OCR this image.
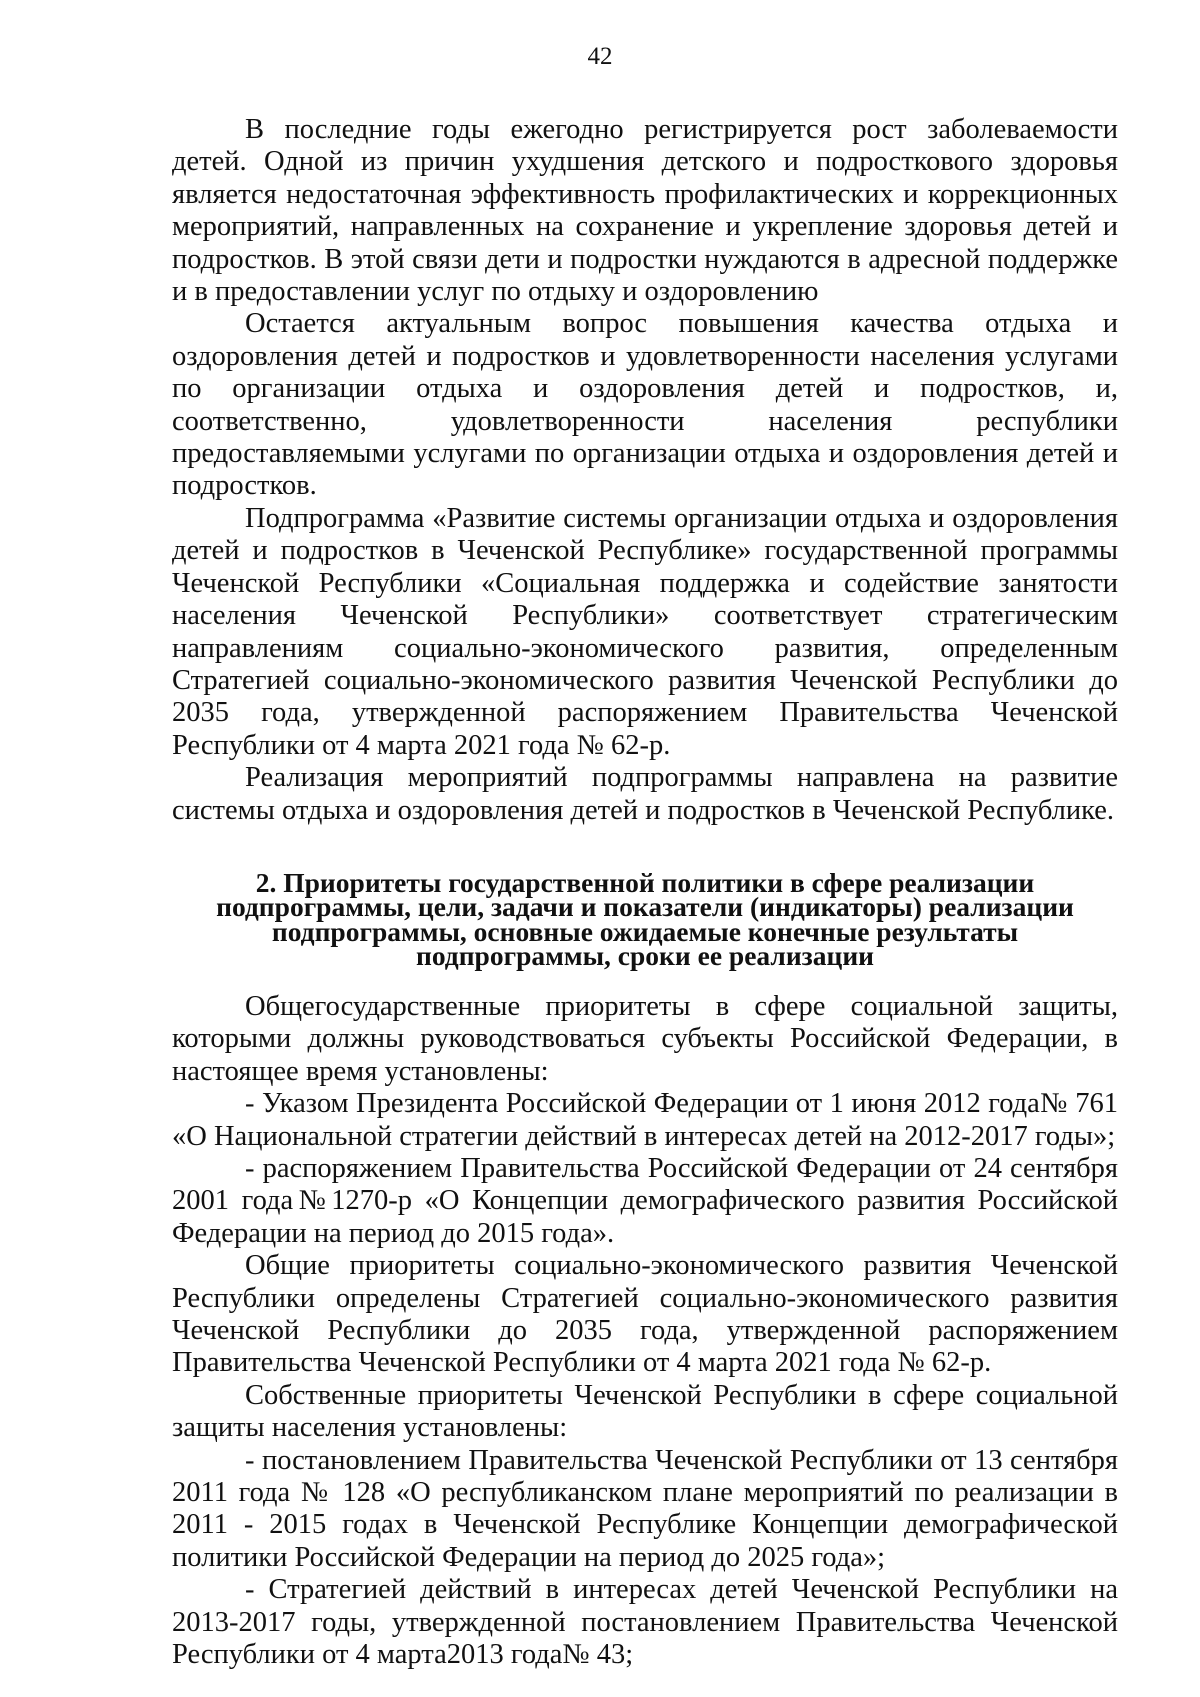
42

В последние годы ежегодно регистрируется рост заболеваемости детей. Одной из причин ухудшения детского и подросткового здоровья является недостаточная эффективность профилактических и коррекционных мероприятий, направленных на сохранение и укрепление здоровья детей и подростков. В этой связи дети и подростки нуждаются в адресной поддержке и в предоставлении услуг по отдыху и оздоровлению

Остается актуальным вопрос повышения качества отдыха и оздоровления детей и подростков и удовлетворенности населения услугами по организации отдыха и оздоровления детей и подростков, и, соответственно, удовлетворенности населения республики предоставляемыми услугами по организации отдыха и оздоровления детей и подростков.

Подпрограмма «Развитие системы организации отдыха и оздоровления детей и подростков в Чеченской Республике» государственной программы Чеченской Республики «Социальная поддержка и содействие занятости населения Чеченской Республики» соответствует стратегическим направлениям социально-экономического развития, определенным Стратегией социально-экономического развития Чеченской Республики до 2035 года, утвержденной распоряжением Правительства Чеченской Республики от 4 марта 2021 года № 62-р.

Реализация мероприятий подпрограммы направлена на развитие системы отдыха и оздоровления детей и подростков в Чеченской Республике.

2. Приоритеты государственной политики в сфере реализации
подпрограммы, цели, задачи и показатели (индикаторы) реализации
подпрограммы, основные ожидаемые конечные результаты
подпрограммы, сроки ее реализации

Общегосударственные приоритеты в сфере социальной защиты, которыми должны руководствоваться субъекты Российской Федерации, в настоящее время установлены:

- Указом Президента Российской Федерации от 1 июня 2012 года№ 761 «О Национальной стратегии действий в интересах детей на 2012-2017 годы»;

- распоряжением Правительства Российской Федерации от 24 сентября 2001 года№1270-р «О Концепции демографического развития Российской Федерации на период до 2015 года».

Общие приоритеты социально-экономического развития Чеченской Республики определены Стратегией социально-экономического развития Чеченской Республики до 2035 года, утвержденной распоряжением Правительства Чеченской Республики от 4 марта 2021 года № 62-р.

Собственные приоритеты Чеченской Республики в сфере социальной защиты населения установлены:

- постановлением Правительства Чеченской Республики от 13 сентября 2011 года № 128 «О республиканском плане мероприятий по реализации в 2011 - 2015 годах в Чеченской Республике Концепции демографической политики Российской Федерации на период до 2025 года»;

- Стратегией действий в интересах детей Чеченской Республики на 2013-2017 годы, утвержденной постановлением Правительства Чеченской Республики от 4 марта2013 года№ 43;
